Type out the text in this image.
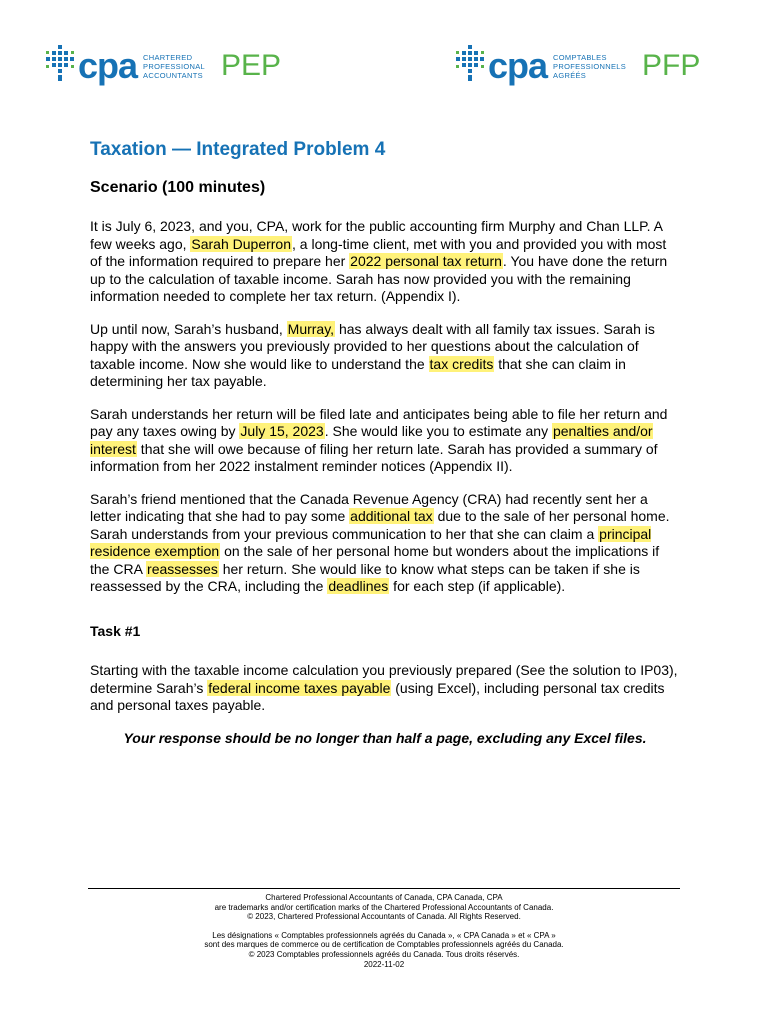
cpa CHARTERED
PROFESSIONAL
ACCOUNTANTS PEP	cpa COMPTABLES
PROFESSIONNELS
AGRÉÉS	PFP
Taxation — Integrated Problem 4
Scenario (100 minutes)

It is July 6, 2023, and you, CPA, work for the public accounting firm Murphy and Chan LLP. A few weeks ago, Sarah Duperron, a long-time client, met with you and provided you with most of the information required to prepare her 2022 personal tax return. You have done the return up to the calculation of taxable income. Sarah has now provided you with the remaining information needed to complete her tax return. (Appendix I).

Up until now, Sarah’s husband, Murray, has always dealt with all family tax issues. Sarah is happy with the answers you previously provided to her questions about the calculation of taxable income. Now she would like to understand the tax credits that she can claim in determining her tax payable.

Sarah understands her return will be filed late and anticipates being able to file her return and pay any taxes owing by July 15, 2023. She would like you to estimate any penalties and/or interest that she will owe because of filing her return late. Sarah has provided a summary of information from her 2022 instalment reminder notices (Appendix II).

Sarah’s friend mentioned that the Canada Revenue Agency (CRA) had recently sent her a letter indicating that she had to pay some additional tax due to the sale of her personal home. Sarah understands from your previous communication to her that she can claim a principal residence exemption on the sale of her personal home but wonders about the implications if the CRA reassesses her return. She would like to know what steps can be taken if she is reassessed by the CRA, including the deadlines for each step (if applicable).

Task #1

Starting with the taxable income calculation you previously prepared (See the solution to IP03), determine Sarah’s federal income taxes payable (using Excel), including personal tax credits and personal taxes payable.

Your response should be no longer than half a page, excluding any Excel files.

Chartered Professional Accountants of Canada, CPA Canada, CPA
are trademarks and/or certification marks of the Chartered Professional Accountants of Canada.
© 2023, Chartered Professional Accountants of Canada. All Rights Reserved.
Les désignations « Comptables professionnels agréés du Canada », « CPA Canada » et « CPA »
sont des marques de commerce ou de certification de Comptables professionnels agréés du Canada.
© 2023 Comptables professionnels agréés du Canada. Tous droits réservés.
2022-11-02
